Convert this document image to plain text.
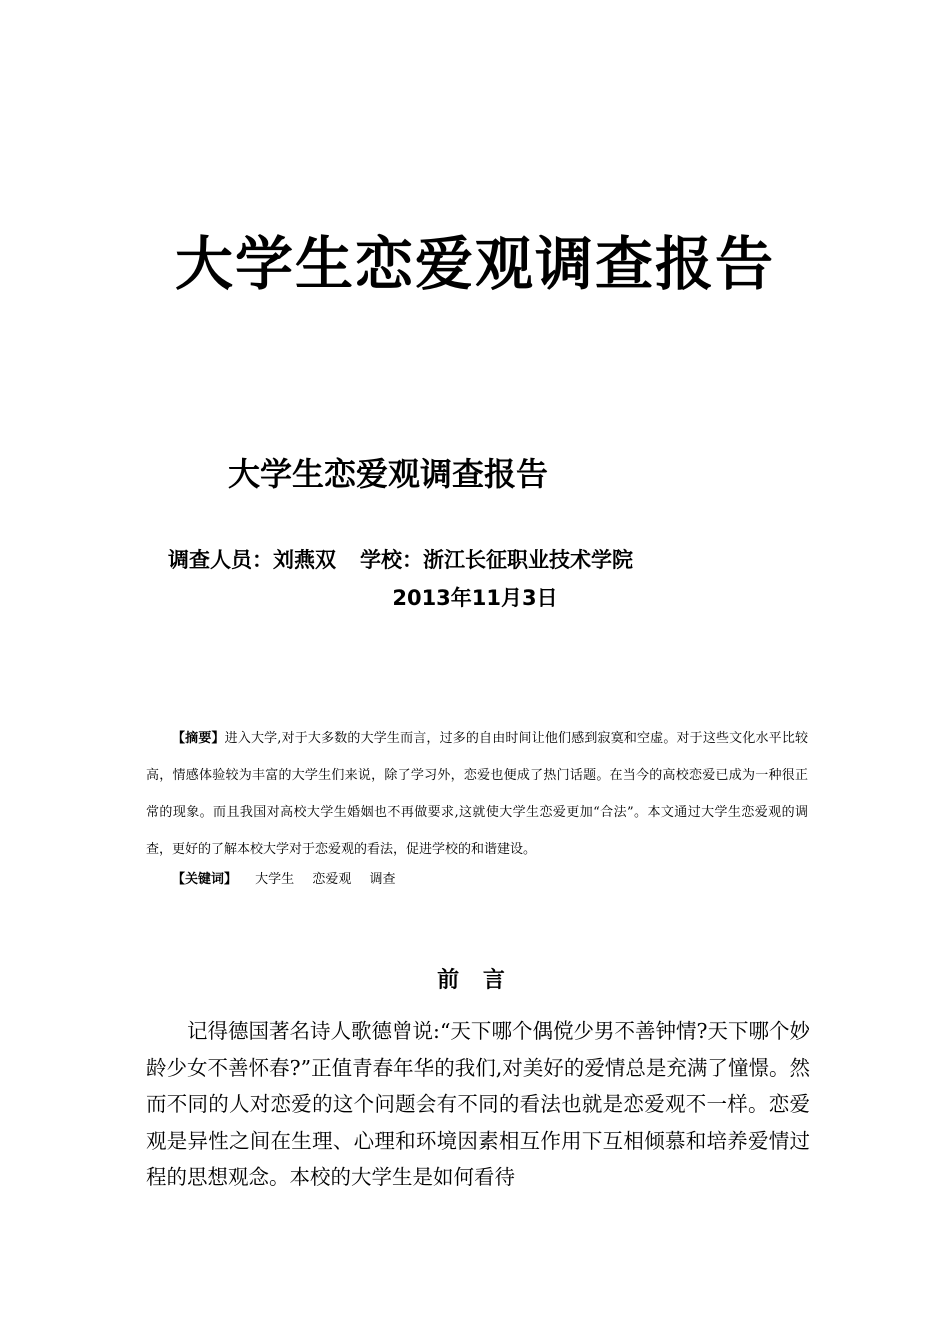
大学生恋爱观调查报告
大学生恋爱观调查报告
调查人员：刘燕双 学校：浙江长征职业技术学院
2013年11月3日

【摘要】进入大学,对于大多数的大学生而言，过多的自由时间让他们感到寂寞和空虚。对于这些文化水平比较高，情感体验较为丰富的大学生们来说，除了学习外，恋爱也便成了热门话题。在当今的高校恋爱已成为一种很正常的现象。而且我国对高校大学生婚姻也不再做要求,这就使大学生恋爱更加“合法”。本文通过大学生恋爱观的调查，更好的了解本校大学对于恋爱观的看法，促进学校的和谐建设。

【关键词】 大学生 恋爱观 调查
前 言

记得德国著名诗人歌德曾说:“天下哪个偶傥少男不善钟情?天下哪个妙龄少女不善怀春?”正值青春年华的我们,对美好的爱情总是充满了憧憬。然而不同的人对恋爱的这个问题会有不同的看法也就是恋爱观不一样。恋爱观是异性之间在生理、心理和环境因素相互作用下互相倾慕和培养爱情过程的思想观念。本校的大学生是如何看待
